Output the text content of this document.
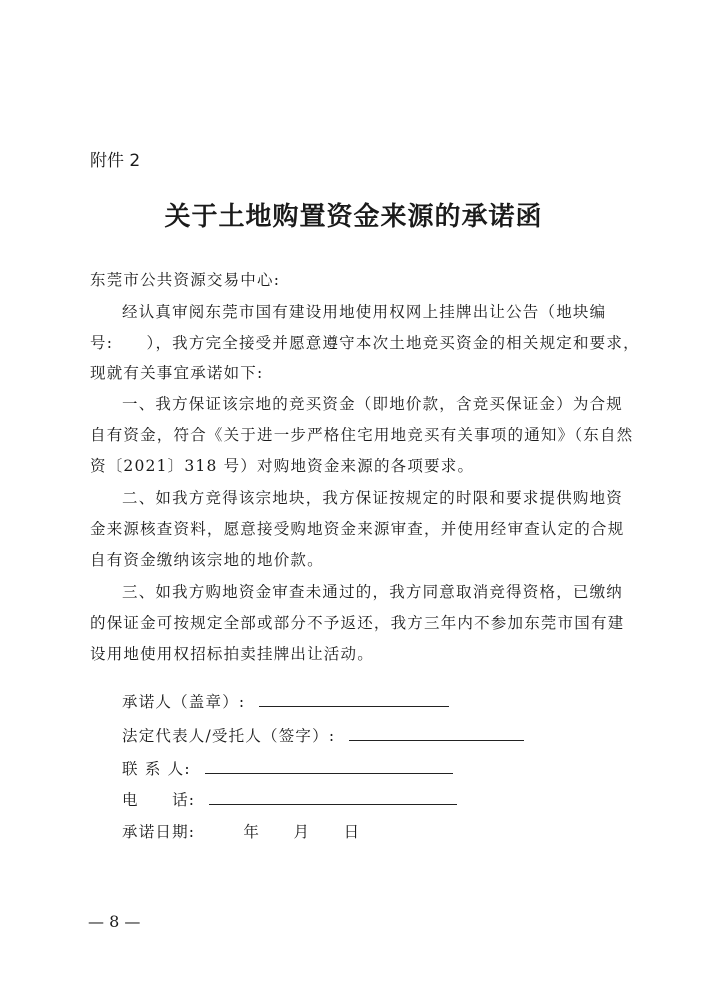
附件 2
关于土地购置资金来源的承诺函
东莞市公共资源交易中心:
经认真审阅东莞市国有建设用地使用权网上挂牌出让公告（地块编
号:　　），我方完全接受并愿意遵守本次土地竞买资金的相关规定和要求，
现就有关事宜承诺如下:
一、我方保证该宗地的竞买资金（即地价款，含竞买保证金）为合规
自有资金，符合《关于进一步严格住宅用地竞买有关事项的通知》（东自然
资〔2021〕318 号）对购地资金来源的各项要求。
二、如我方竞得该宗地块，我方保证按规定的时限和要求提供购地资
金来源核查资料，愿意接受购地资金来源审查，并使用经审查认定的合规
自有资金缴纳该宗地的地价款。
三、如我方购地资金审查未通过的，我方同意取消竞得资格，已缴纳
的保证金可按规定全部或部分不予返还，我方三年内不参加东莞市国有建
设用地使用权招标拍卖挂牌出让活动。
承诺人（盖章）:
法定代表人/受托人（签字）:
联 系 人:
电　　话:
承诺日期:	年　　月　　日
— 8 —
